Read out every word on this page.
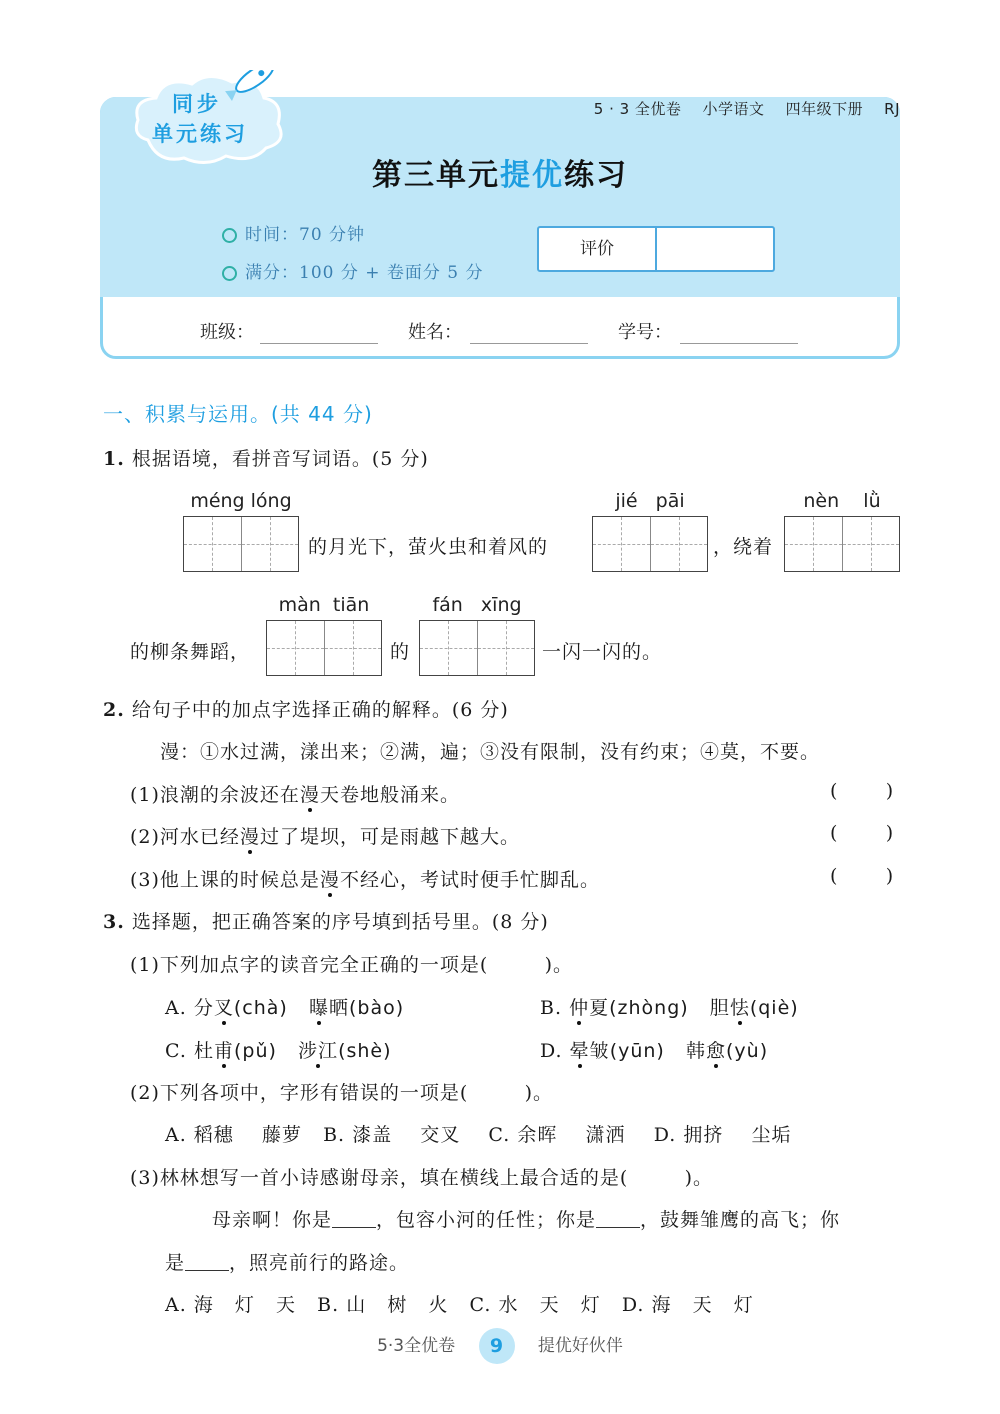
同步
单元练习
5 · 3 全优卷    小学语文    四年级下册    RJ
第三单元提优练习
时间：70 分钟
满分：100 分 + 卷面分 5 分
评价
班级：	姓名：	学号：
一、积累与运用。(共 44 分)
1. 根据语境，看拼音写词语。(5 分)
méng lóng
的月光下，萤火虫和着风的
jié   pāi
，绕着
nèn    lǜ
的柳条舞蹈，
màn  tiān
的
fán   xīng
一闪一闪的。
2. 给句子中的加点字选择正确的解释。(6 分)
漫：①水过满，漾出来；②满，遍；③没有限制，没有约束；④莫，不要。
(1)浪潮的余波还在漫天卷地般涌来。	(        )
(2)河水已经漫过了堤坝，可是雨越下越大。	(        )
(3)他上课的时候总是漫不经心，考试时便手忙脚乱。	(        )
3. 选择题，把正确答案的序号填到括号里。(8 分)
(1)下列加点字的读音完全正确的一项是(        )。
A. 分叉(chà) 曝晒(bào)	B. 仲夏(zhòng) 胆怯(qiè)
C. 杜甫(pǔ) 涉江(shè)	D. 晕皱(yūn) 韩愈(yù)
(2)下列各项中，字形有错误的一项是(        )。
A. 稻穗    藤萝   B. 漆盖    交叉    C. 余晖    潇洒    D. 拥挤    尘垢
(3)林林想写一首小诗感谢母亲，填在横线上最合适的是(        )。
母亲啊！你是 ，包容小河的任性；你是 ，鼓舞雏鹰的高飞；你
是 ，照亮前行的路途。
A. 海   灯   天   B. 山   树   火   C. 水   天   灯   D. 海   天   灯
5·3全优卷 9 提优好伙伴
